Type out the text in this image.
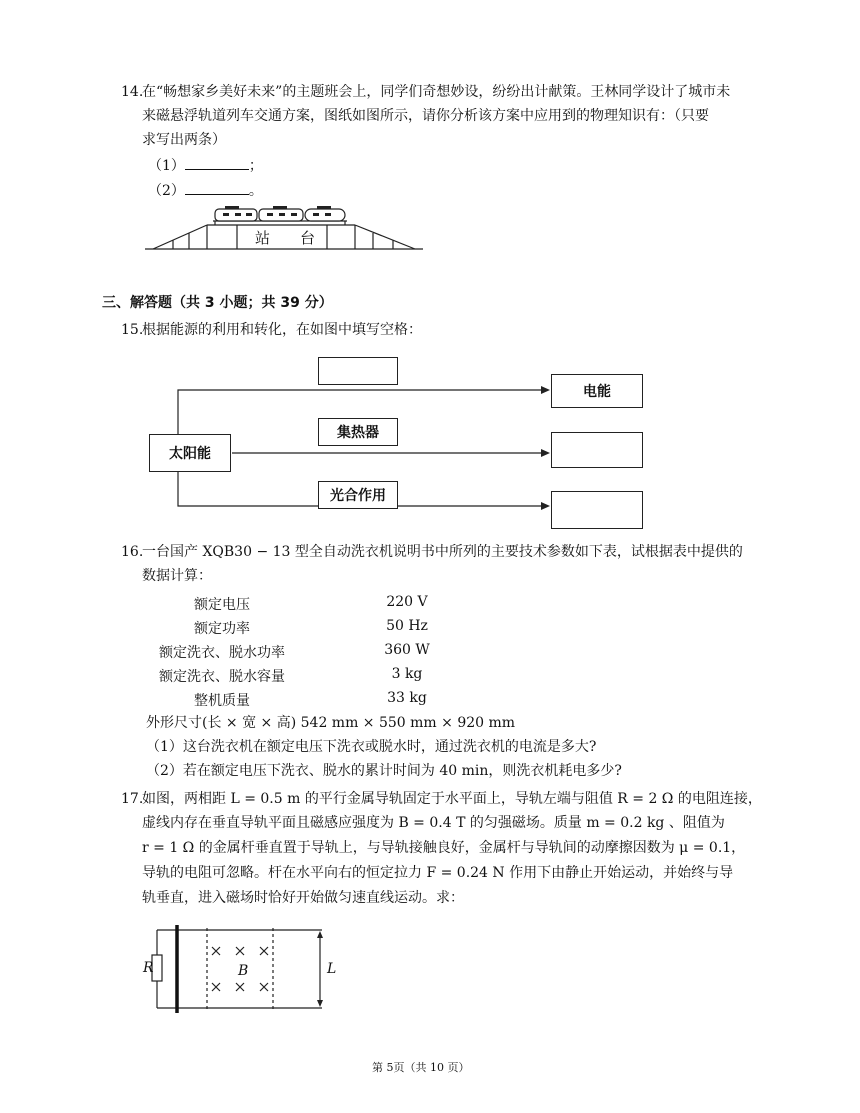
14.
在“畅想家乡美好未来”的主题班会上，同学们奇想妙设，纷纷出计献策。王林同学设计了城市未
来磁悬浮轨道列车交通方案，图纸如图所示，请你分析该方案中应用到的物理知识有：（只要
求写出两条）
（1）	；
（2）	。
站 台
三、解答题（共 3 小题；共 39 分）
15.
根据能源的利用和转化，在如图中填写空格：
太阳能
集热器
光合作用
电能
16.
一台国产 XQB30 − 13 型全自动洗衣机说明书中所列的主要技术参数如下表，试根据表中提供的
数据计算：
额定电压	220 V
额定功率	50 Hz
额定洗衣、脱水功率	360 W
额定洗衣、脱水容量	3 kg
整机质量	33 kg
外形尺寸(长 × 宽 × 高) 542 mm × 550 mm × 920 mm
（1）这台洗衣机在额定电压下洗衣或脱水时，通过洗衣机的电流是多大?
（2）若在额定电压下洗衣、脱水的累计时间为 40 min，则洗衣机耗电多少?
17.
如图，两相距 L = 0.5 m 的平行金属导轨固定于水平面上，导轨左端与阻值 R = 2 Ω 的电阻连接，
虚线内存在垂直导轨平面且磁感应强度为 B = 0.4 T 的匀强磁场。质量 m = 0.2 kg 、阻值为
r = 1 Ω 的金属杆垂直置于导轨上，与导轨接触良好，金属杆与导轨间的动摩擦因数为 μ = 0.1，
导轨的电阻可忽略。杆在水平向右的恒定拉力 F = 0.24 N 作用下由静止开始运动，并始终与导
轨垂直，进入磁场时恰好开始做匀速直线运动。求：
R	B	L
第 5页（共 10 页）
